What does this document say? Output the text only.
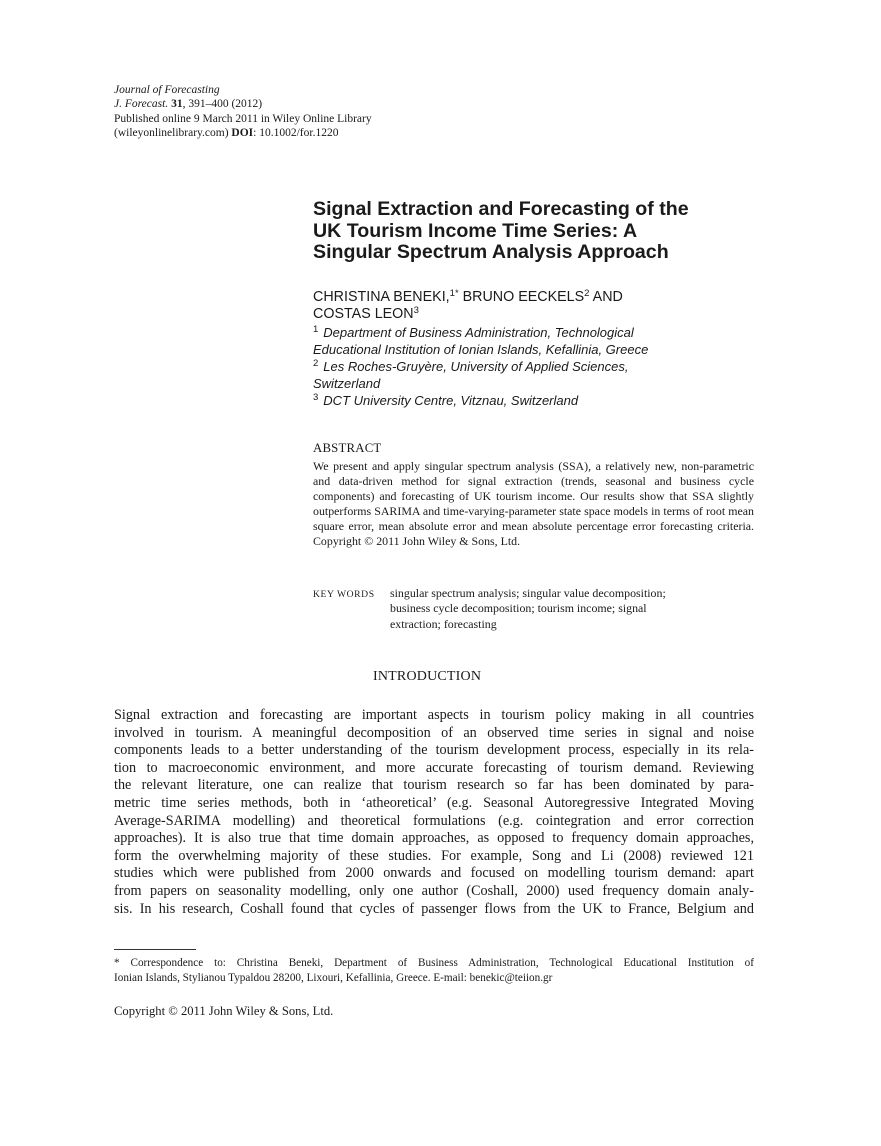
Journal of Forecasting
J. Forecast. 31, 391–400 (2012)
Published online 9 March 2011 in Wiley Online Library
(wileyonlinelibrary.com) DOI: 10.1002/for.1220
Signal Extraction and Forecasting of the
UK Tourism Income Time Series: A
Singular Spectrum Analysis Approach
CHRISTINA BENEKI,$^{1*}$ BRUNO EECKELS$^2$ AND
COSTAS LEON$^3$
$^1$ Department of Business Administration, Technological
Educational Institution of Ionian Islands, Kefallinia, Greece
$^2$ Les Roches-Gruyère, University of Applied Sciences,
Switzerland
$^3$ DCT University Centre, Vitznau, Switzerland
ABSTRACT
We present and apply singular spectrum analysis (SSA), a relatively new, non-parametric and data-driven method for signal extraction (trends, seasonal and business cycle components) and forecasting of UK tourism income. Our results show that SSA slightly outperforms SARIMA and time-varying-parameter state space models in terms of root mean square error, mean absolute error and mean absolute percentage error forecasting criteria. Copyright © 2011 John Wiley & Sons, Ltd.
KEY WORDS singular spectrum analysis; singular value decomposition;
business cycle decomposition; tourism income; signal
extraction; forecasting
INTRODUCTION
Signal extraction and forecasting are important aspects in tourism policy making in all countries
involved in tourism. A meaningful decomposition of an observed time series in signal and noise
components leads to a better understanding of the tourism development process, especially in its rela-
tion to macroeconomic environment, and more accurate forecasting of tourism demand. Reviewing
the relevant literature, one can realize that tourism research so far has been dominated by para-
metric time series methods, both in ‘atheoretical’ (e.g. Seasonal Autoregressive Integrated Moving
Average-SARIMA modelling) and theoretical formulations (e.g. cointegration and error correction
approaches). It is also true that time domain approaches, as opposed to frequency domain approaches,
form the overwhelming majority of these studies. For example, Song and Li (2008) reviewed 121
studies which were published from 2000 onwards and focused on modelling tourism demand: apart
from papers on seasonality modelling, only one author (Coshall, 2000) used frequency domain analy-
sis. In his research, Coshall found that cycles of passenger flows from the UK to France, Belgium and
* Correspondence to: Christina Beneki, Department of Business Administration, Technological Educational Institution of
Ionian Islands, Stylianou Typaldou 28200, Lixouri, Kefallinia, Greece. E-mail: benekic@teiion.gr
Copyright © 2011 John Wiley & Sons, Ltd.
